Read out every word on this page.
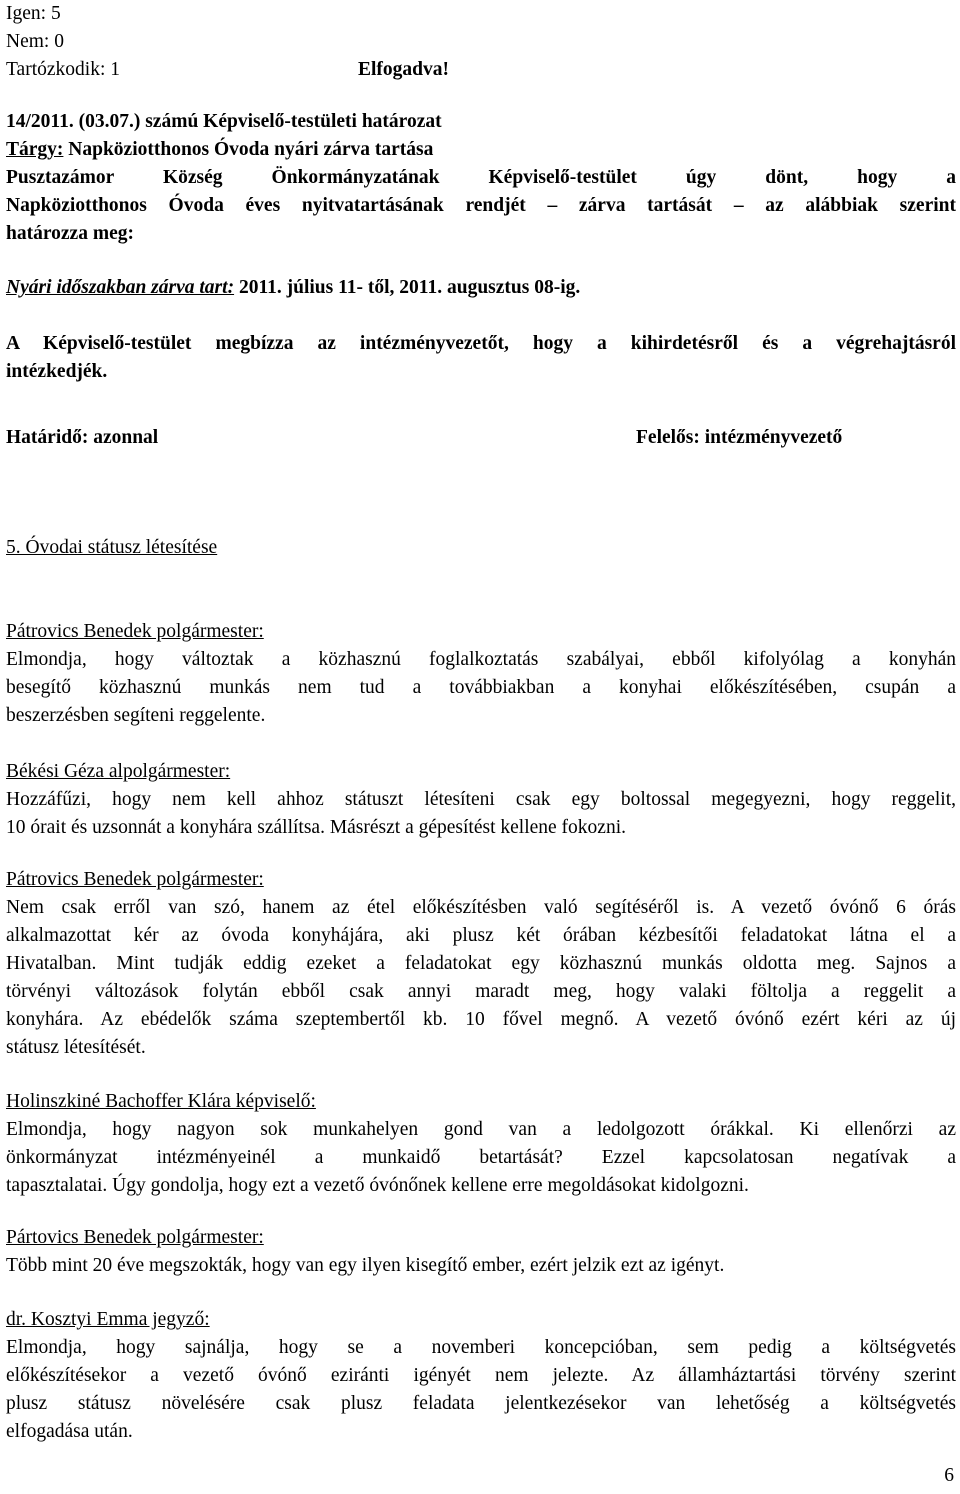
Igen: 5
Nem: 0
Tartózkodik: 1	Elfogadva!
14/2011. (03.07.) számú Képviselő-testületi határozat
Tárgy: Napköziotthonos Óvoda nyári zárva tartása
Pusztazámor Község Önkormányzatának Képviselő-testület úgy dönt, hogy a
Napköziotthonos Óvoda éves nyitvatartásának rendjét – zárva tartását – az alábbiak szerint
határozza meg:
Nyári időszakban zárva tart: 2011. július 11- től, 2011. augusztus 08-ig.
A Képviselő-testület megbízza az intézményvezetőt, hogy a kihirdetésről és a végrehajtásról
intézkedjék.
Határidő: azonnal	Felelős: intézményvezető
5. Óvodai státusz létesítése
Pátrovics Benedek polgármester:
Elmondja, hogy változtak a közhasznú foglalkoztatás szabályai, ebből kifolyólag a konyhán
besegítő közhasznú munkás nem tud a továbbiakban a konyhai előkészítésében, csupán a
beszerzésben segíteni reggelente.
Békési Géza alpolgármester:
Hozzáfűzi, hogy nem kell ahhoz státuszt létesíteni csak egy boltossal megegyezni, hogy reggelit,
10 órait és uzsonnát a konyhára szállítsa. Másrészt a gépesítést kellene fokozni.
Pátrovics Benedek polgármester:
Nem csak erről van szó, hanem az étel előkészítésben való segítéséről is. A vezető óvónő 6 órás
alkalmazottat kér az óvoda konyhájára, aki plusz két órában kézbesítői feladatokat látna el a
Hivatalban. Mint tudják eddig ezeket a feladatokat egy közhasznú munkás oldotta meg. Sajnos a
törvényi változások folytán ebből csak annyi maradt meg, hogy valaki föltolja a reggelit a
konyhára. Az ebédelők száma szeptembertől kb. 10 fővel megnő. A vezető óvónő ezért kéri az új
státusz létesítését.
Holinszkiné Bachoffer Klára képviselő:
Elmondja, hogy nagyon sok munkahelyen gond van a ledolgozott órákkal. Ki ellenőrzi az
önkormányzat intézményeinél a munkaidő betartását? Ezzel kapcsolatosan negatívak a
tapasztalatai. Úgy gondolja, hogy ezt a vezető óvónőnek kellene erre megoldásokat kidolgozni.
Pártovics Benedek polgármester:
Több mint 20 éve megszokták, hogy van egy ilyen kisegítő ember, ezért jelzik ezt az igényt.
dr. Kosztyi Emma jegyző:
Elmondja, hogy sajnálja, hogy se a novemberi koncepcióban, sem pedig a költségvetés
előkészítésekor a vezető óvónő eziránti igényét nem jelezte. Az államháztartási törvény szerint
plusz státusz növelésére csak plusz feladata jelentkezésekor van lehetőség a költségvetés
elfogadása után.
6
